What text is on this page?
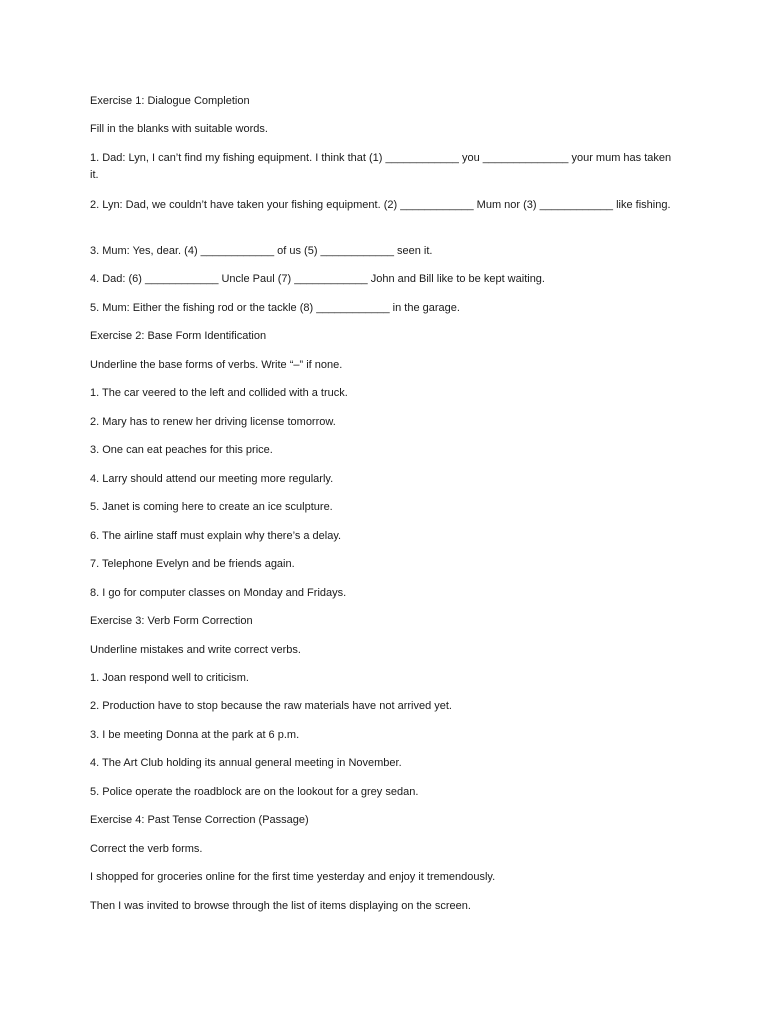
Exercise 1: Dialogue Completion
Fill in the blanks with suitable words.
1. Dad: Lyn, I can’t find my fishing equipment. I think that (1) ____________ you ______________ your mum has taken it.
2. Lyn: Dad, we couldn’t have taken your fishing equipment. (2) ____________ Mum nor (3) ____________ like fishing.
3. Mum: Yes, dear. (4) ____________ of us (5) ____________ seen it.
4. Dad: (6) ____________ Uncle Paul (7) ____________ John and Bill like to be kept waiting.
5. Mum: Either the fishing rod or the tackle (8) ____________ in the garage.
Exercise 2: Base Form Identification
Underline the base forms of verbs. Write “–” if none.
1. The car veered to the left and collided with a truck.
2. Mary has to renew her driving license tomorrow.
3. One can eat peaches for this price.
4. Larry should attend our meeting more regularly.
5. Janet is coming here to create an ice sculpture.
6. The airline staff must explain why there’s a delay.
7. Telephone Evelyn and be friends again.
8. I go for computer classes on Monday and Fridays.
Exercise 3: Verb Form Correction
Underline mistakes and write correct verbs.
1. Joan respond well to criticism.
2. Production have to stop because the raw materials have not arrived yet.
3. I be meeting Donna at the park at 6 p.m.
4. The Art Club holding its annual general meeting in November.
5. Police operate the roadblock are on the lookout for a grey sedan.
Exercise 4: Past Tense Correction (Passage)
Correct the verb forms.
I shopped for groceries online for the first time yesterday and enjoy it tremendously.
Then I was invited to browse through the list of items displaying on the screen.
